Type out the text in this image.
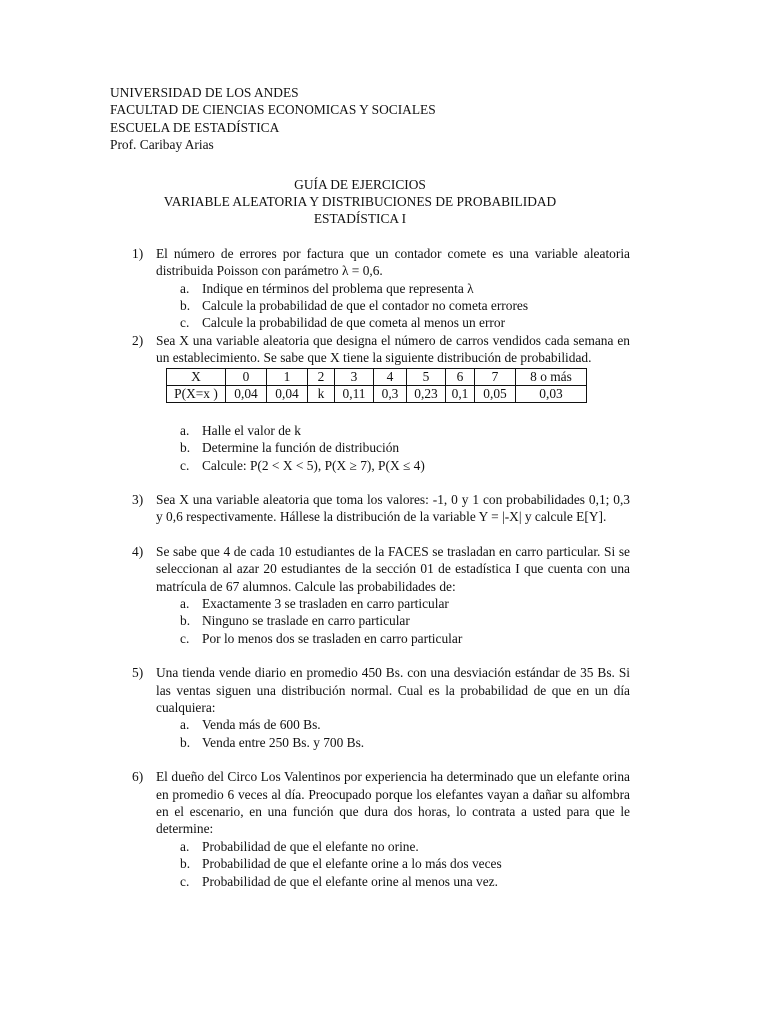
UNIVERSIDAD DE LOS ANDES
FACULTAD DE CIENCIAS ECONOMICAS Y SOCIALES
ESCUELA DE ESTADÍSTICA
Prof. Caribay Arias
GUÍA DE EJERCICIOS
VARIABLE ALEATORIA Y DISTRIBUCIONES DE PROBABILIDAD
ESTADÍSTICA I
1) El número de errores por factura que un contador comete es una variable aleatoria distribuida Poisson con parámetro λ = 0,6.
a. Indique en términos del problema que representa λ
b. Calcule la probabilidad de que el contador no cometa errores
c. Calcule la probabilidad de que cometa al menos un error
2) Sea X una variable aleatoria que designa el número de carros vendidos cada semana en un establecimiento. Se sabe que X tiene la siguiente distribución de probabilidad.
X	0	1	2	3	4	5	6	7	8 o más
P(X=x )	0,04	0,04	k	0,11	0,3	0,23	0,1	0,05	0,03
a. Halle el valor de k
b. Determine la función de distribución
c. Calcule: P(2 < X < 5), P(X ≥ 7), P(X ≤ 4)
3) Sea X una variable aleatoria que toma los valores: -1, 0 y 1 con probabilidades 0,1; 0,3 y 0,6 respectivamente. Hállese la distribución de la variable Y = |-X| y calcule E[Y].
4) Se sabe que 4 de cada 10 estudiantes de la FACES se trasladan en carro particular. Si se seleccionan al azar 20 estudiantes de la sección 01 de estadística I que cuenta con una matrícula de 67 alumnos. Calcule las probabilidades de:
a. Exactamente 3 se trasladen en carro particular
b. Ninguno se traslade en carro particular
c. Por lo menos dos se trasladen en carro particular
5) Una tienda vende diario en promedio 450 Bs. con una desviación estándar de 35 Bs. Si las ventas siguen una distribución normal. Cual es la probabilidad de que en un día cualquiera:
a. Venda más de 600 Bs.
b. Venda entre 250 Bs. y 700 Bs.
6) El dueño del Circo Los Valentinos por experiencia ha determinado que un elefante orina en promedio 6 veces al día. Preocupado porque los elefantes vayan a dañar su alfombra en el escenario, en una función que dura dos horas, lo contrata a usted para que le determine:
a. Probabilidad de que el elefante no orine.
b. Probabilidad de que el elefante orine a lo más dos veces
c. Probabilidad de que el elefante orine al menos una vez.
